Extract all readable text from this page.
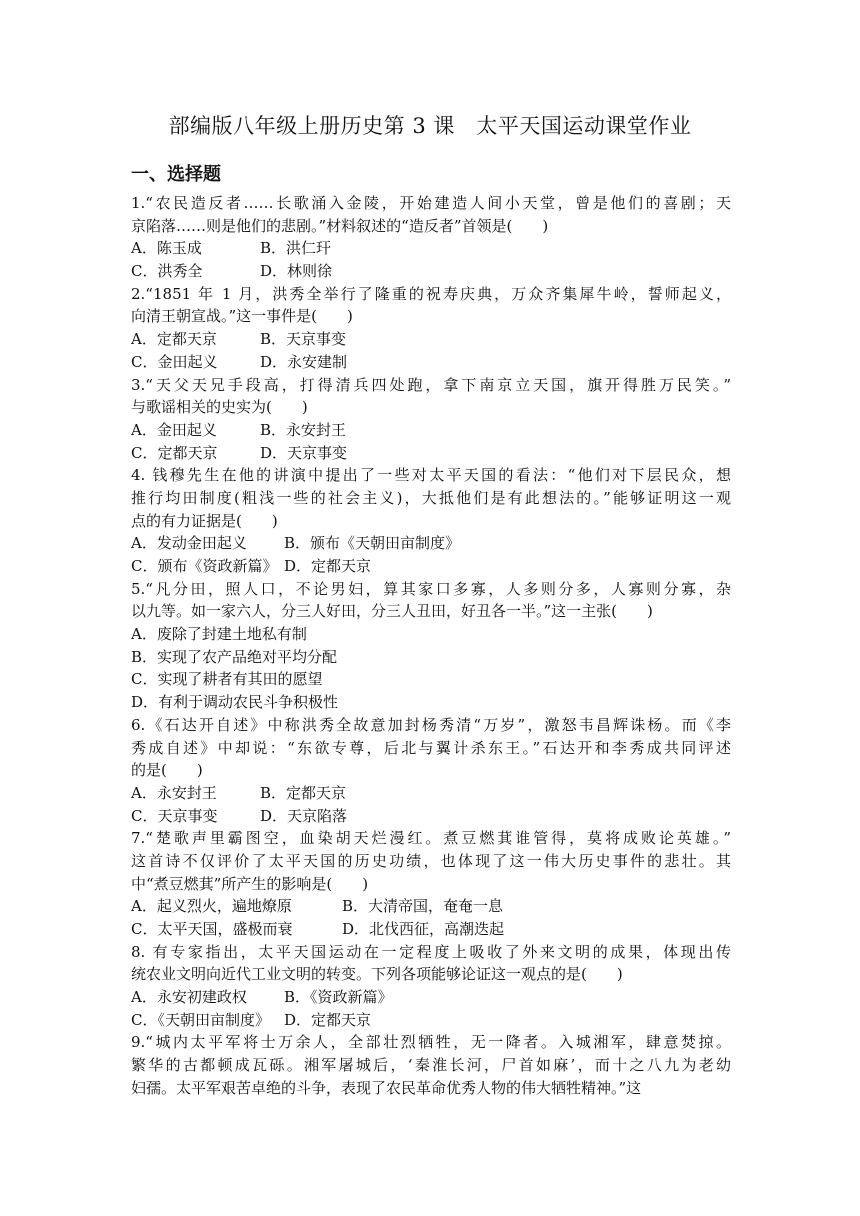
部编版八年级上册历史第 3 课　太平天国运动课堂作业
一、选择题
1.“农民造反者……长歌涌入金陵，开始建造人间小天堂，曾是他们的喜剧；天
京陷落……则是他们的悲剧。”材料叙述的“造反者”首领是(　　)
A．陈玉成	B．洪仁玕
C．洪秀全	D．林则徐
2.“1851 年 1 月，洪秀全举行了隆重的祝寿庆典，万众齐集犀牛岭，誓师起义，
向清王朝宣战。”这一事件是(　　)
A．定都天京	B．天京事变
C．金田起义	D．永安建制
3.“天父天兄手段高，打得清兵四处跑，拿下南京立天国，旗开得胜万民笑。”
与歌谣相关的史实为(　　)
A．金田起义	B．永安封王
C．定都天京	D．天京事变
4. 钱穆先生在他的讲演中提出了一些对太平天国的看法：“他们对下层民众，想
推行均田制度(粗浅一些的社会主义)，大抵他们是有此想法的。”能够证明这一观
点的有力证据是(　　)
A．发动金田起义	B．颁布《天朝田亩制度》
C．颁布《资政新篇》 D．定都天京
5.“凡分田，照人口，不论男妇，算其家口多寡，人多则分多，人寡则分寡，杂
以九等。如一家六人，分三人好田，分三人丑田，好丑各一半。”这一主张(　　)
A．废除了封建土地私有制
B．实现了农产品绝对平均分配
C．实现了耕者有其田的愿望
D．有利于调动农民斗争积极性
6.《石达开自述》中称洪秀全故意加封杨秀清“万岁”，激怒韦昌辉诛杨。而《李
秀成自述》中却说：“东欲专尊，后北与翼计杀东王。”石达开和李秀成共同评述
的是(　　)
A．永安封王	B．定都天京
C．天京事变	D．天京陷落
7.“楚歌声里霸图空，血染胡天烂漫红。煮豆燃萁谁管得，莫将成败论英雄。”
这首诗不仅评价了太平天国的历史功绩，也体现了这一伟大历史事件的悲壮。其
中“煮豆燃萁”所产生的影响是(　　)
A．起义烈火，遍地燎原	B．大清帝国，奄奄一息
C．太平天国，盛极而衰	D．北伐西征，高潮迭起
8. 有专家指出，太平天国运动在一定程度上吸收了外来文明的成果，体现出传
统农业文明向近代工业文明的转变。下列各项能够论证这一观点的是(　　)
A．永安初建政权	B．《资政新篇》
C．《天朝田亩制度》 D．定都天京
9.“城内太平军将士万余人，全部壮烈牺牲，无一降者。入城湘军，肆意焚掠。
繁华的古都顿成瓦砾。湘军屠城后，‘秦淮长河，尸首如麻’，而十之八九为老幼
妇孺。太平军艰苦卓绝的斗争，表现了农民革命优秀人物的伟大牺牲精神。”这
